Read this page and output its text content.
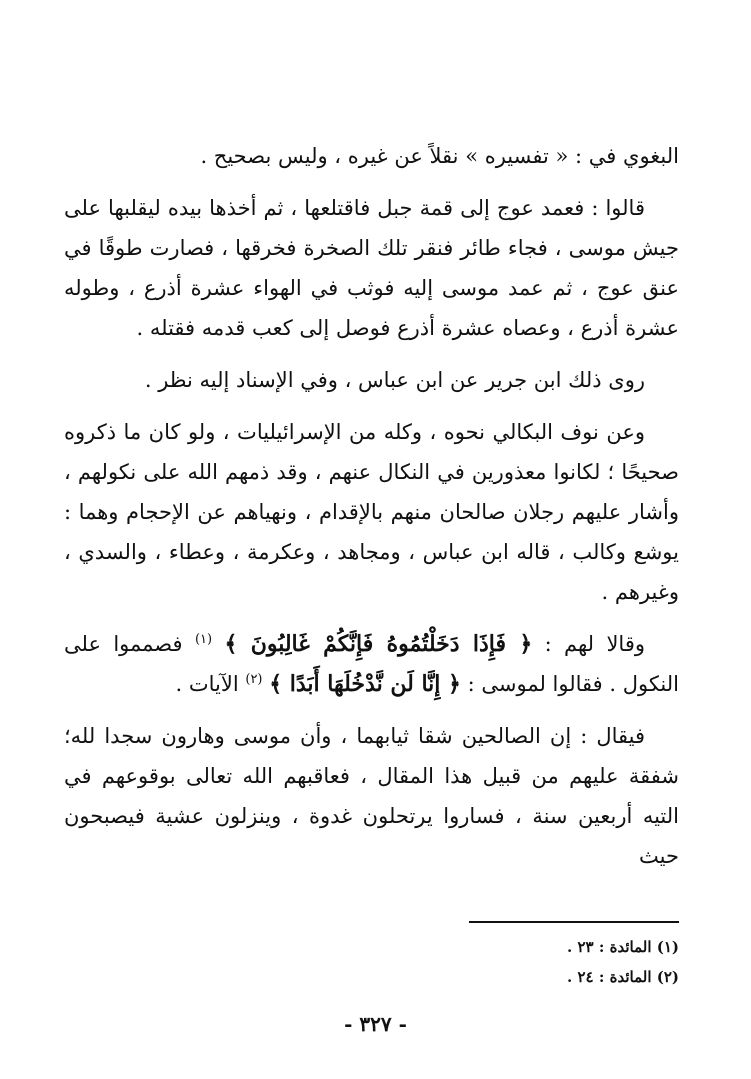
البغوي في : « تفسيره » نقلاً عن غيره ، وليس بصحيح .

قالوا : فعمد عوج إلى قمة جبل فاقتلعها ، ثم أخذها بيده ليقلبها على جيش موسى ، فجاء طائر فنقر تلك الصخرة فخرقها ، فصارت طوقًا في عنق عوج ، ثم عمد موسى إليه فوثب في الهواء عشرة أذرع ، وطوله عشرة أذرع ، وعصاه عشرة أذرع فوصل إلى كعب قدمه فقتله .

روى ذلك ابن جرير عن ابن عباس ، وفي الإسناد إليه نظر .

وعن نوف البكالي نحوه ، وكله من الإسرائيليات ، ولو كان ما ذكروه صحيحًا ؛ لكانوا معذورين في النكال عنهم ، وقد ذمهم الله على نكولهم ، وأشار عليهم رجلان صالحان منهم بالإقدام ، ونهياهم عن الإحجام وهما : يوشع وكالب ، قاله ابن عباس ، ومجاهد ، وعكرمة ، وعطاء ، والسدي ، وغيرهم .

وقالا لهم : ﴿ فَإِذَا دَخَلْتُمُوهُ فَإِنَّكُمْ غَالِبُونَ ﴾ $^{(١)}$ فصمموا على النكول . فقالوا لموسى : ﴿ إِنَّا لَن نَّدْخُلَهَا أَبَدًا ﴾ $^{(٢)}$ الآيات .

فيقال : إن الصالحين شقا ثيابهما ، وأن موسى وهارون سجدا لله؛ شفقة عليهم من قبيل هذا المقال ، فعاقبهم الله تعالى بوقوعهم في التيه أربعين سنة ، فساروا يرتحلون غدوة ، وينزلون عشية فيصبحون حيث

(١) المائدة : ٢٣ .

(٢) المائدة : ٢٤ .

- ٣٢٧ -
